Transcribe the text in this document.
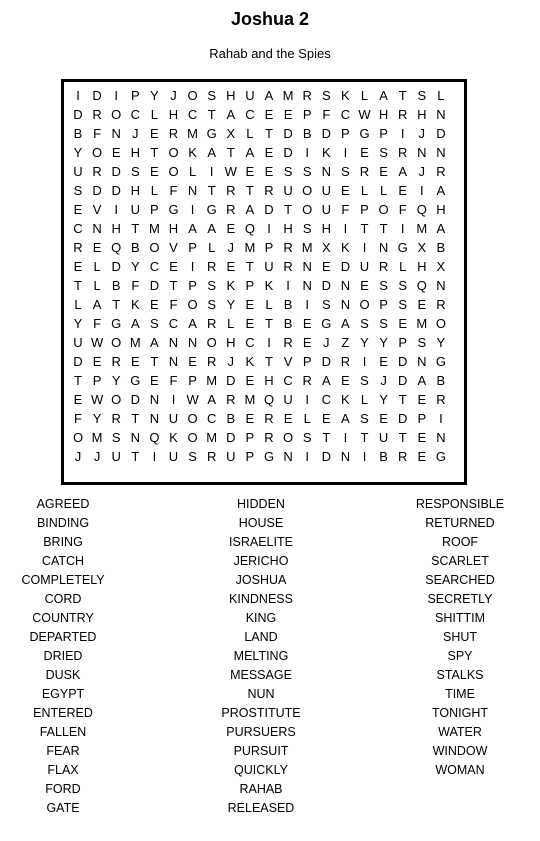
Joshua 2
Rahab and the Spies
I D I P Y J O S H U A M R S K L A T S L
D R O C L H C T A C E E P F C W H R H N
B F N J E R M G X L T D B D P G P I	J D
Y O E H T O K A T A E D I K I E S R N N
U R D S E O L	I W E E S S N S R E A J R
S D D H L F N T R T R U O U E L L E I A
E V I U P G I G R A D T O U F P O F Q H
C N H T M H A A E Q I H S H I	T T	I M A
R E Q B O V P L J M P R M X K I N G X B
E L D Y C E I R E T U R N E D U R L H X
T L B F D T P S K P K I N D N E S S Q N
L A T K E F O S Y E L B I S N O P S E R
Y F G A S C A R L E T B E G A S S E M O
U W O M A N N O H C I R E J Z Y Y P S Y
D E R E T N E R J K T V P D R I E D N G
T P Y G E F P M D E H C R A E S J D A B
E W O D N I W A R M Q U I C K L Y T E R
F Y R T N U O C B E R E L E A S E D P I
O M S N Q K O M D P R O S T	I	T U T E N
J J U T	I U S R U P G N I D N I B R E G
AGREED
BINDING
BRING
CATCH
COMPLETELY
CORD
COUNTRY
DEPARTED
DRIED
DUSK
EGYPT
ENTERED
FALLEN
FEAR
FLAX
FORD
GATE
HIDDEN
HOUSE
ISRAELITE
JERICHO
JOSHUA
KINDNESS
KING
LAND
MELTING
MESSAGE
NUN
PROSTITUTE
PURSUERS
PURSUIT
QUICKLY
RAHAB
RELEASED
RESPONSIBLE
RETURNED
ROOF
SCARLET
SEARCHED
SECRETLY
SHITTIM
SHUT
SPY
STALKS
TIME
TONIGHT
WATER
WINDOW
WOMAN
